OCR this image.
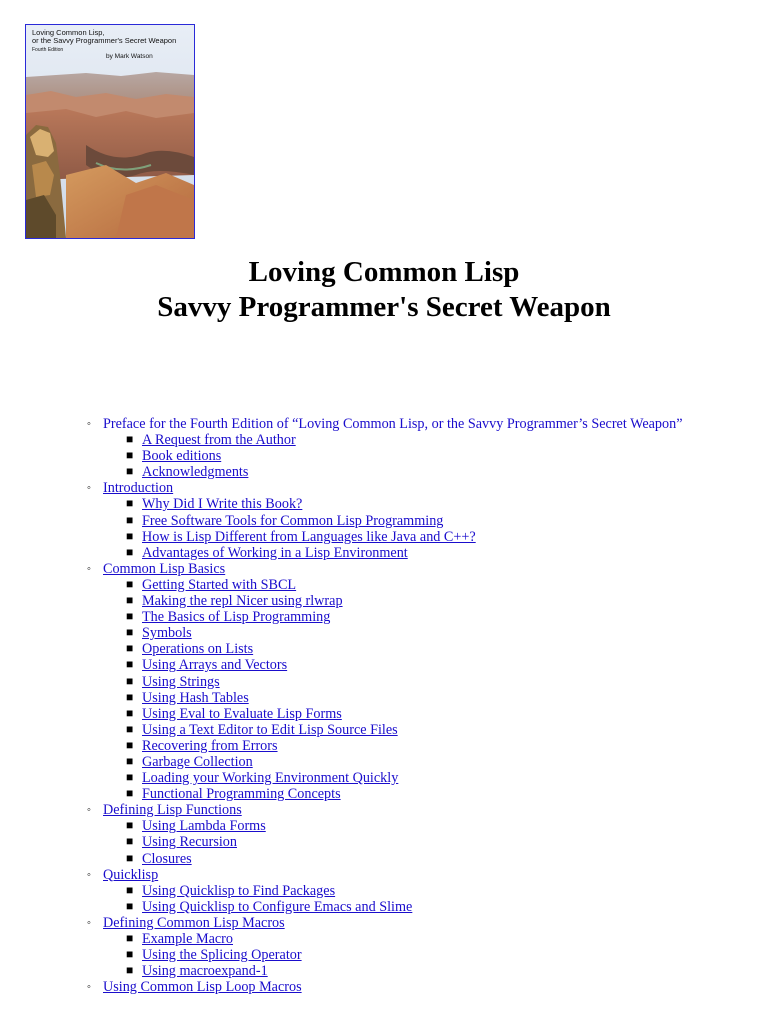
Loving Common Lisp,
or the Savvy Programmer's Secret Weapon
Fourth Edition
by Mark Watson
Loving Common Lisp
Savvy Programmer's Secret Weapon
◦ Preface for the Fourth Edition of “Loving Common Lisp, or the Savvy Programmer’s Secret Weapon”
■ A Request from the Author
■ Book editions
■ Acknowledgments
◦ Introduction
■ Why Did I Write this Book?
■ Free Software Tools for Common Lisp Programming
■ How is Lisp Different from Languages like Java and C++?
■ Advantages of Working in a Lisp Environment
◦ Common Lisp Basics
■ Getting Started with SBCL
■ Making the repl Nicer using rlwrap
■ The Basics of Lisp Programming
■ Symbols
■ Operations on Lists
■ Using Arrays and Vectors
■ Using Strings
■ Using Hash Tables
■ Using Eval to Evaluate Lisp Forms
■ Using a Text Editor to Edit Lisp Source Files
■ Recovering from Errors
■ Garbage Collection
■ Loading your Working Environment Quickly
■ Functional Programming Concepts
◦ Defining Lisp Functions
■ Using Lambda Forms
■ Using Recursion
■ Closures
◦ Quicklisp
■ Using Quicklisp to Find Packages
■ Using Quicklisp to Configure Emacs and Slime
◦ Defining Common Lisp Macros
■ Example Macro
■ Using the Splicing Operator
■ Using macroexpand-1
◦ Using Common Lisp Loop Macros
